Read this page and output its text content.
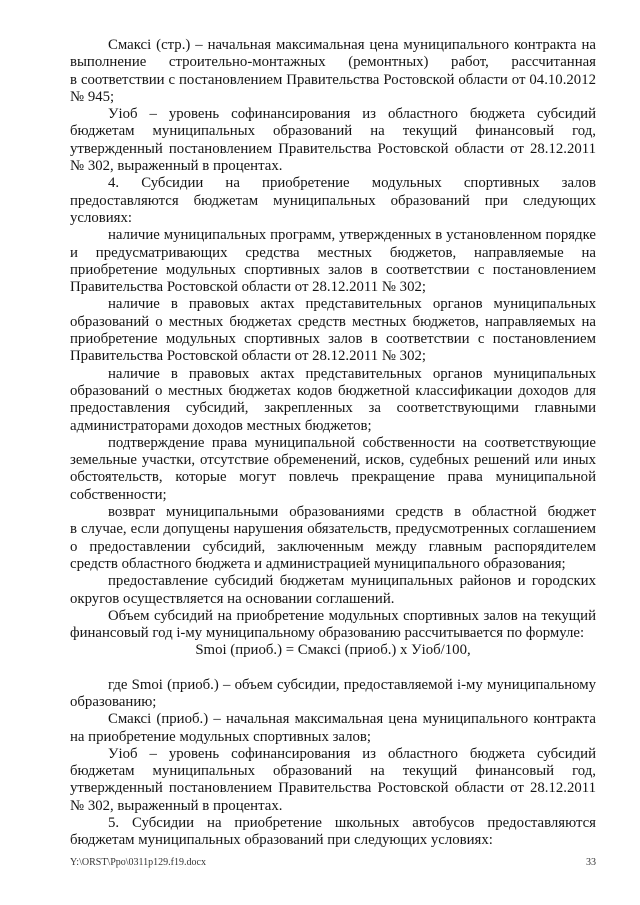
Смаксі (стр.) – начальная максимальная цена муниципального контракта на выполнение строительно-монтажных (ремонтных) работ, рассчитанная в соответствии с постановлением Правительства Ростовской области от 04.10.2012 № 945;

Уioб – уровень софинансирования из областного бюджета субсидий бюджетам муниципальных образований на текущий финансовый год, утвержденный постановлением Правительства Ростовской области от 28.12.2011 № 302, выраженный в процентах.

4. Субсидии на приобретение модульных спортивных залов предоставляются бюджетам муниципальных образований при следующих условиях:

наличие муниципальных программ, утвержденных в установленном порядке и предусматривающих средства местных бюджетов, направляемые на приобретение модульных спортивных залов в соответствии с постановлением Правительства Ростовской области от 28.12.2011 № 302;

наличие в правовых актах представительных органов муниципальных образований о местных бюджетах средств местных бюджетов, направляемых на приобретение модульных спортивных залов в соответствии с постановлением Правительства Ростовской области от 28.12.2011 № 302;

наличие в правовых актах представительных органов муниципальных образований о местных бюджетах кодов бюджетной классификации доходов для предоставления субсидий, закрепленных за соответствующими главными администраторами доходов местных бюджетов;

подтверждение права муниципальной собственности на соответствующие земельные участки, отсутствие обременений, исков, судебных решений или иных обстоятельств, которые могут повлечь прекращение права муниципальной собственности;

возврат муниципальными образованиями средств в областной бюджет в случае, если допущены нарушения обязательств, предусмотренных соглашением о предоставлении субсидий, заключенным между главным распорядителем средств областного бюджета и администрацией муниципального образования;

предоставление субсидий бюджетам муниципальных районов и городских округов осуществляется на основании соглашений.

Объем субсидий на приобретение модульных спортивных залов на текущий финансовый год i-му муниципальному образованию рассчитывается по формуле:

Smoi (приоб.) = Смаксi (приоб.) х Уioб/100,

где Smoi (приоб.) – объем субсидии, предоставляемой i-му муниципальному образованию;

Смаксi (приоб.) – начальная максимальная цена муниципального контракта на приобретение модульных спортивных залов;

Уioб – уровень софинансирования из областного бюджета субсидий бюджетам муниципальных образований на текущий финансовый год, утвержденный постановлением Правительства Ростовской области от 28.12.2011 № 302, выраженный в процентах.

5. Субсидии на приобретение школьных автобусов предоставляются бюджетам муниципальных образований при следующих условиях:

Y:\ORST\Ppo\0311p129.f19.docx	33
